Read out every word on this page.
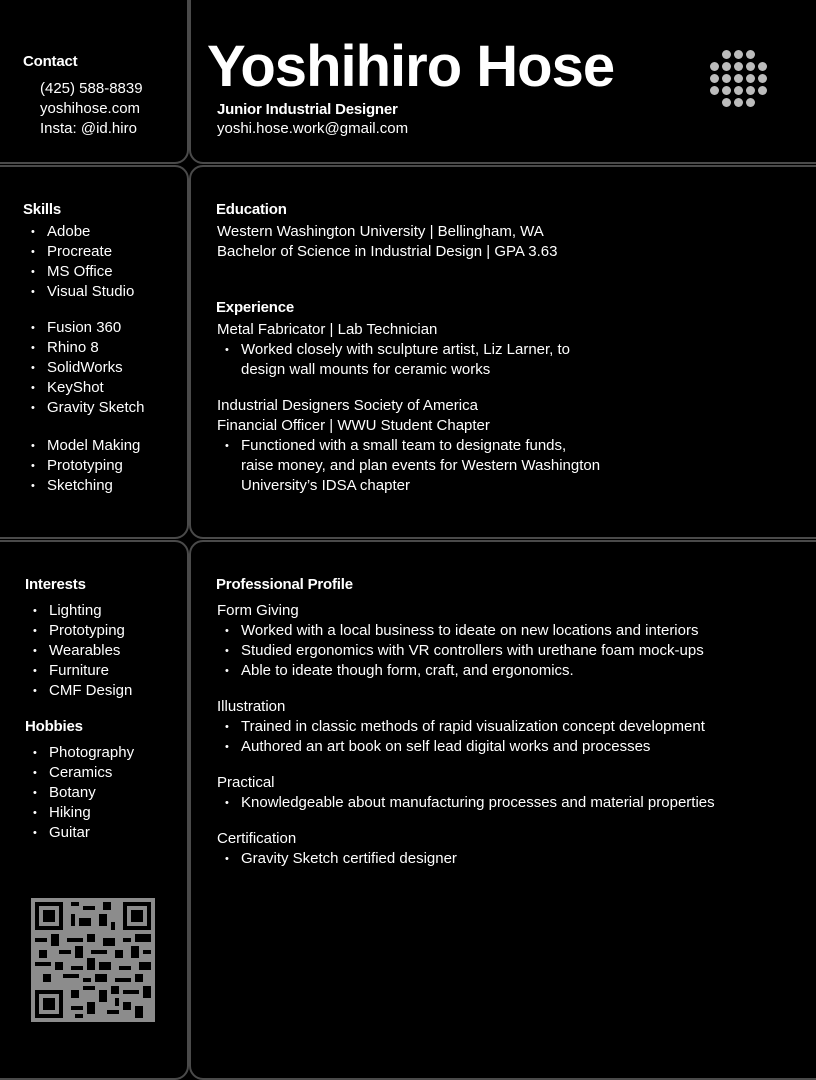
Contact
(425) 588-8839
yoshihose.com
Insta: @id.hiro
Yoshihiro Hose
Junior Industrial Designer
yoshi.hose.work@gmail.com
Skills
• Adobe
• Procreate
• MS Office
• Visual Studio
• Fusion 360
• Rhino 8
• SolidWorks
• KeyShot
• Gravity Sketch
• Model Making
• Prototyping
• Sketching
Education
Western Washington University | Bellingham, WA
Bachelor of Science in Industrial Design | GPA 3.63
Experience
Metal Fabricator | Lab Technician
• Worked closely with sculpture artist, Liz Larner, to
design wall mounts for ceramic works
Industrial Designers Society of America
Financial Officer | WWU Student Chapter
• Functioned with a small team to designate funds,
raise money, and plan events for Western Washington
University’s IDSA chapter
Interests
• Lighting
• Prototyping
• Wearables
• Furniture
• CMF Design
Hobbies
• Photography
• Ceramics
• Botany
• Hiking
• Guitar
Professional Profile
Form Giving
• Worked with a local business to ideate on new locations and interiors
• Studied ergonomics with VR controllers with urethane foam mock-ups
• Able to ideate though form, craft, and ergonomics.
Illustration
• Trained in classic methods of rapid visualization concept development
• Authored an art book on self lead digital works and processes
Practical
• Knowledgeable about manufacturing processes and material properties
Certification
• Gravity Sketch certified designer
